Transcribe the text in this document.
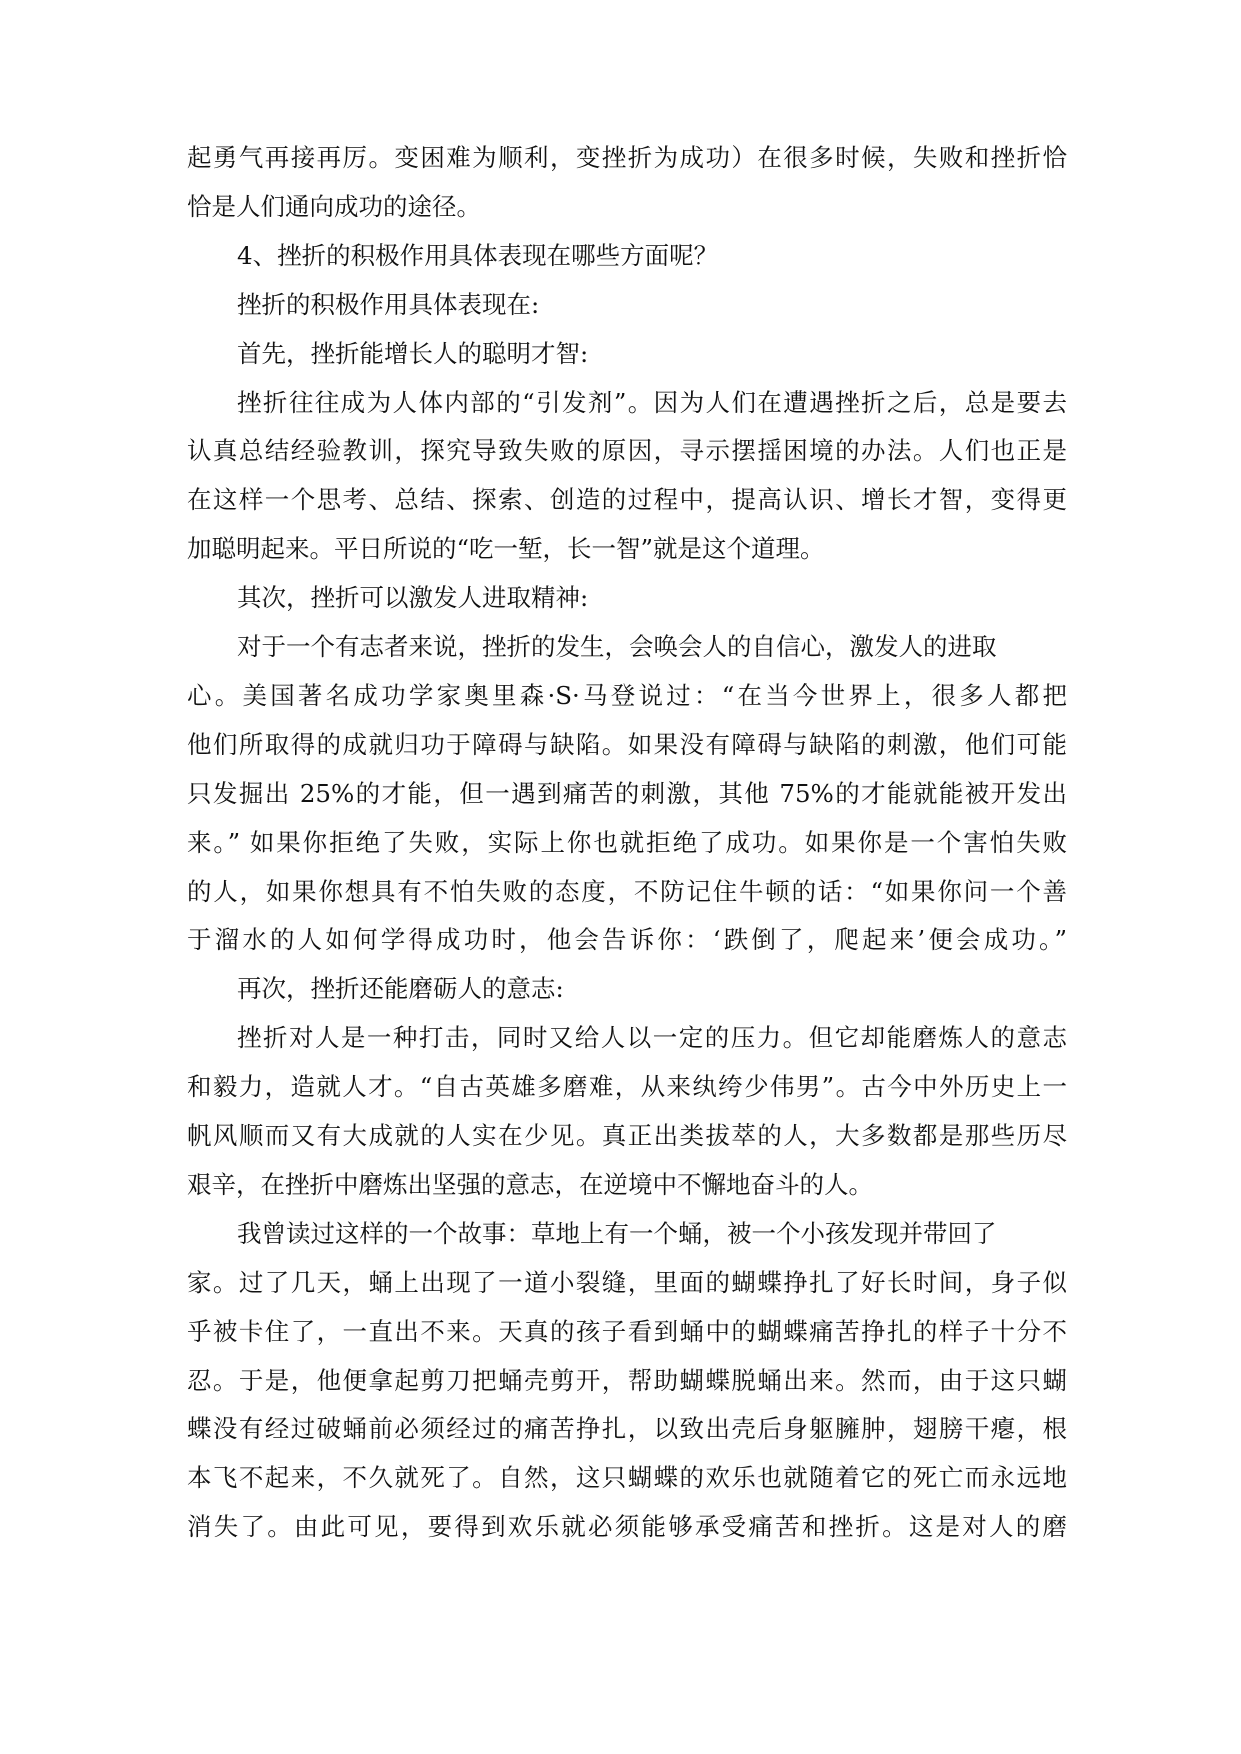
起勇气再接再厉。变困难为顺利，变挫折为成功）在很多时候，失败和挫折恰
恰是人们通向成功的途径。
4、挫折的积极作用具体表现在哪些方面呢？
挫折的积极作用具体表现在:
首先，挫折能增长人的聪明才智:
挫折往往成为人体内部的“引发剂”。因为人们在遭遇挫折之后，总是要去
认真总结经验教训，探究导致失败的原因，寻示摆揺困境的办法。人们也正是
在这样一个思考、总结、探索、创造的过程中，提高认识、增长才智，变得更
加聪明起来。平日所说的“吃一堑，长一智”就是这个道理。
其次，挫折可以激发人进取精神:
对于一个有志者来说，挫折的发生，会唤会人的自信心，激发人的进取
心。美国著名成功学家奥里森·S·马登说过：“在当今世界上，很多人都把
他们所取得的成就归功于障碍与缺陷。如果没有障碍与缺陷的刺激，他们可能
只发掘出 25%的才能，但一遇到痛苦的刺激，其他 75%的才能就能被开发出
来。” 如果你拒绝了失败，实际上你也就拒绝了成功。如果你是一个害怕失败
的人，如果你想具有不怕失败的态度，不防记住牛顿的话：“如果你问一个善
于溜水的人如何学得成功时，他会告诉你：‘跌倒了，爬起来’便会成功。”
再次，挫折还能磨砺人的意志:
挫折对人是一种打击，同时又给人以一定的压力。但它却能磨炼人的意志
和毅力，造就人才。“自古英雄多磨难，从来纨绔少伟男”。古今中外历史上一
帆风顺而又有大成就的人实在少见。真正出类拔萃的人，大多数都是那些历尽
艰辛，在挫折中磨炼出坚强的意志，在逆境中不懈地奋斗的人。
我曾读过这样的一个故事：草地上有一个蛹，被一个小孩发现并带回了
家。过了几天，蛹上出现了一道小裂缝，里面的蝴蝶挣扎了好长时间，身子似
乎被卡住了，一直出不来。天真的孩子看到蛹中的蝴蝶痛苦挣扎的样子十分不
忍。于是，他便拿起剪刀把蛹壳剪开，帮助蝴蝶脱蛹出来。然而，由于这只蝴
蝶没有经过破蛹前必须经过的痛苦挣扎，以致出壳后身躯臃肿，翅膀干瘪，根
本飞不起来，不久就死了。自然，这只蝴蝶的欢乐也就随着它的死亡而永远地
消失了。由此可见，要得到欢乐就必须能够承受痛苦和挫折。这是对人的磨
